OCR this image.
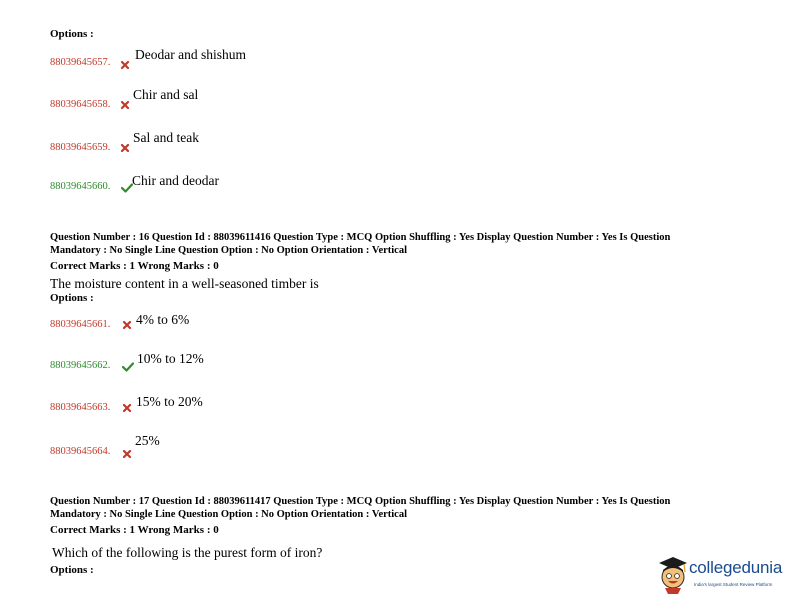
Options :
88039645657.
Deodar and shishum
88039645658.
Chir and sal
88039645659.
Sal and teak
88039645660. Chir and deodar
Question Number : 16 Question Id : 88039611416 Question Type : MCQ Option Shuffling : Yes Display Question Number : Yes Is Question
Mandatory : No Single Line Question Option : No Option Orientation : Vertical
Correct Marks : 1 Wrong Marks : 0
The moisture content in a well-seasoned timber is
Options :
88039645661. 4% to 6%
88039645662. 10% to 12%
88039645663. 15% to 20%
88039645664.
25%
Question Number : 17 Question Id : 88039611417 Question Type : MCQ Option Shuffling : Yes Display Question Number : Yes Is Question
Mandatory : No Single Line Question Option : No Option Orientation : Vertical
Correct Marks : 1 Wrong Marks : 0
Which of the following is the purest form of iron?
Options :	collegedunia
India's largest Student Review Platform
